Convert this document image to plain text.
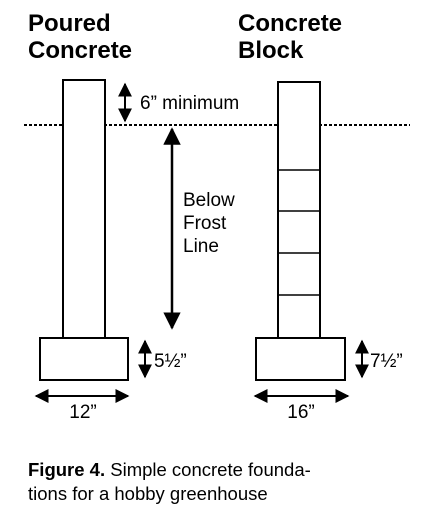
Poured
Concrete
Concrete
Block
6” minimum
Below
Frost
Line
5½”	7½”
12”	16”
Figure 4. Simple concrete founda-
tions for a hobby greenhouse
